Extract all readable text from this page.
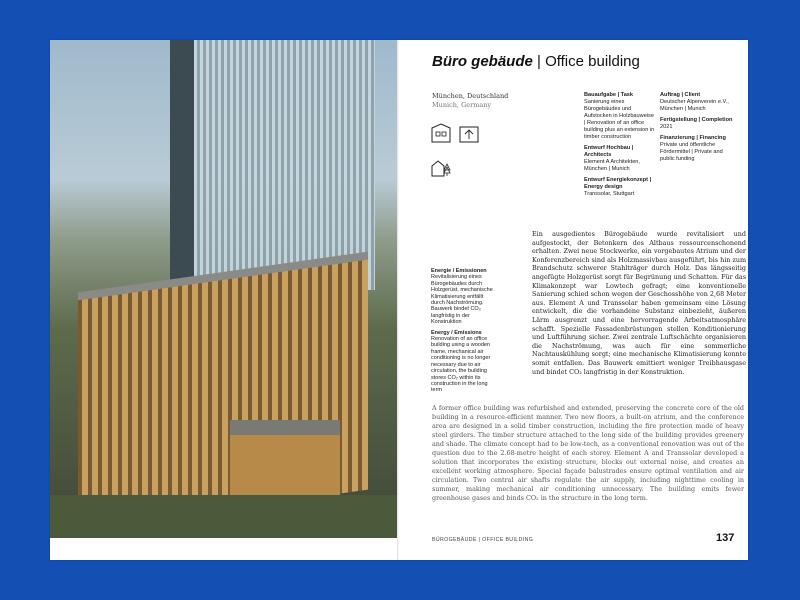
Büro gebäude | Office building
München, Deutschland
Munich, Germany
Bauaufgabe | Task
Sanierung eines Bürogebäudes und Aufstocken in Holzbauweise | Renovation of an office building plus an extension in timber construction
Entwurf Hochbau | Architects
Element A Architekten, München | Munich
Entwurf Energiekonzept | Energy design
Transsolar, Stuttgart
Auftrag | Client
Deutscher Alpenverein e.V., München | Munich
Fertigstellung | Completion
2021
Finanzierung | Financing
Private und öffentliche Fördermittel | Private and public funding
Ein ausgedientes Bürogebäude wurde revitalisiert und aufgestockt, der Betonkern des Altbaus ressourcenschonend erhalten. Zwei neue Stockwerke, ein vorgebautes Atrium und der Konferenzbereich sind als Holzmassivbau ausgeführt, bis hin zum Brandschutz schwerer Stahlträger durch Holz. Das längsseitig angefügte Holzgerüst sorgt für Begrünung und Schatten. Für das Klimakonzept war Lowtech gefragt; eine konventionelle Sanierung schied schon wegen der Geschosshöhe von 2,68 Meter aus. Element A und Transsolar haben gemeinsam eine Lösung entwickelt, die die vorhandene Substanz einbezieht, äußeren Lärm ausgrenzt und eine hervorragende Arbeitsatmosphäre schafft. Spezielle Fassadenbrüstungen stellen Konditionierung und Luftführung sicher. Zwei zentrale Luftschächte organisieren die Nachströmung, was auch für eine sommerliche Nachtauskühlung sorgt; eine mechanische Klimatisierung konnte somit entfallen. Das Bauwerk emittiert weniger Treibhausgase und bindet CO₂ langfristig in der Konstruktion.
A former office building was refurbished and extended, preserving the concrete core of the old building in a resource-efficient manner. Two new floors, a built-on atrium, and the conference area are designed in a solid timber construction, including the fire protection made of heavy steel girders. The timber structure attached to the long side of the building provides greenery and shade. The climate concept had to be low-tech, as a conventional renovation was out of the question due to the 2.68-metre height of each storey. Element A and Transsolar developed a solution that incorporates the existing structure, blocks out external noise, and creates an excellent working atmosphere. Special façade balustrades ensure optimal ventilation and air circulation. Two central air shafts regulate the air supply, including nighttime cooling in summer, making mechanical air conditioning unnecessary. The building emits fewer greenhouse gases and binds CO₂ in the structure in the long term.
BÜROGEBÄUDE | OFFICE BUILDING	137
Energie / Emissionen
Revitalisierung eines Bürogebäudes durch Holzgerüst, mechanische Klimatisierung entfällt durch Nachströmung. Bauwerk bindet CO₂ langfristig in der Konstruktion
Energy / Emissions
Renovation of an office building using a wooden frame, mechanical air conditioning is no longer necessary due to air circulation, the building stores CO₂ within its construction in the long term
